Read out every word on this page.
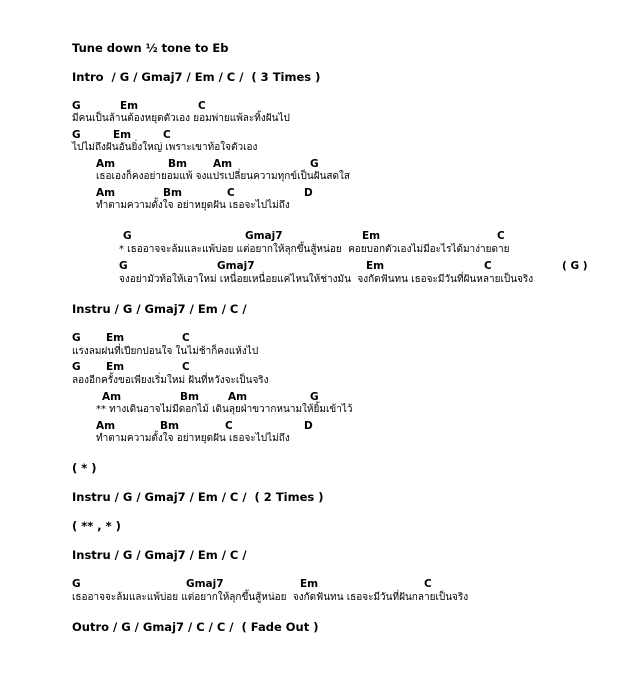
Tune down ½ tone to Eb
Intro  / G / Gmaj7 / Em / C /  ( 3 Times )
G	Em	C
มีคนเป็นล้านต้องหยุดตัวเอง ยอมพ่ายแพ้ละทิ้งฝันไป
G	Em	C
ไปไม่ถึงฝันอันยิ่งใหญ่ เพราะเขาท้อใจตัวเอง
Am	Bm Am	G
เธอเองก็คงอย่ายอมแพ้ จงแปรเปลี่ยนความทุกข์เป็นฝันสดใส
Am	Bm	C	D
ทำตามความตั้งใจ อย่าหยุดฝัน เธอจะไปไม่ถึง
G	Gmaj7	Em	C
* เธออาจจะล้มและแพ้บ่อย แต่อยากให้ลุกขึ้นสู้หน่อย  คอยบอกตัวเองไม่มีอะไรได้มาง่ายดาย
G	Gmaj7	Em	C	( G )
จงอย่ามัวท้อให้เอาใหม่ เหนื่อยเหนื่อยแค่ไหนให้ช่างมัน  จงกัดฟันทน เธอจะมีวันที่ฝันหลายเป็นจริง
Instru / G / Gmaj7 / Em / C /
G Em	C
แรงลมฝนที่เปียกปอนใจ ในไม่ช้าก็คงแห้งไป
G Em	C
ลองอีกครั้งขอเพียงเริ่มใหม่ ฝันที่หวังจะเป็นจริง
Am	Bm	Am	G
** ทางเดินอาจไม่มีดอกไม้ เดินลุยฝ่าขวากหนามให้ยิ้มเข้าไว้
Am	Bm	C	D
ทำตามความตั้งใจ อย่าหยุดฝัน เธอจะไปไม่ถึง
( * )
Instru / G / Gmaj7 / Em / C /  ( 2 Times )
( ** , * )
Instru / G / Gmaj7 / Em / C /
G	Gmaj7	Em	C
เธออาจจะล้มและแพ้บ่อย แต่อยากให้ลุกขึ้นสู้หน่อย  จงกัดฟันทน เธอจะมีวันที่ฝันกลายเป็นจริง
Outro / G / Gmaj7 / C / C /  ( Fade Out )
